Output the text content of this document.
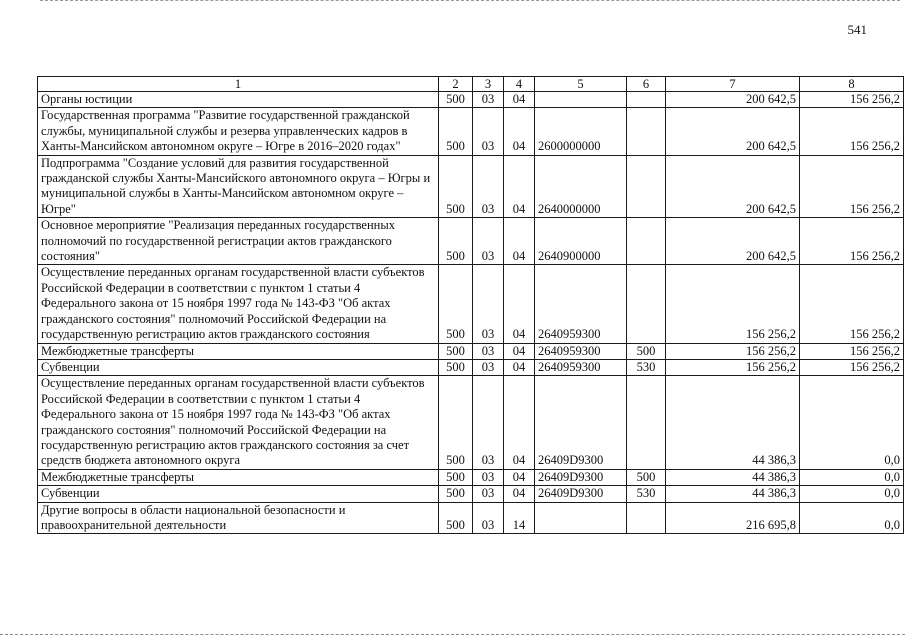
541
1	2	3	4	5	6	7	8
Органы юстиции	500	03	04			200 642,5	156 256,2
Государственная программа "Развитие государственной гражданской службы, муниципальной службы и резерва управленческих кадров в Ханты-Мансийском автономном округе – Югре в 2016–2020 годах"	500	03	04	2600000000		200 642,5	156 256,2
Подпрограмма "Создание условий для развития государственной гражданской службы Ханты-Мансийского автономного округа – Югры и муниципальной службы в Ханты-Мансийском автономном округе – Югре"	500	03	04	2640000000		200 642,5	156 256,2
Основное мероприятие "Реализация переданных государственных полномочий по государственной регистрации актов гражданского состояния"	500	03	04	2640900000		200 642,5	156 256,2
Осуществление переданных органам государственной власти субъектов Российской Федерации в соответствии с пунктом 1 статьи 4 Федерального закона от 15 ноября 1997 года № 143-ФЗ "Об актах гражданского состояния" полномочий Российской Федерации на государственную регистрацию актов гражданского состояния	500	03	04	2640959300		156 256,2	156 256,2
Межбюджетные трансферты	500	03	04	2640959300	500	156 256,2	156 256,2
Субвенции	500	03	04	2640959300	530	156 256,2	156 256,2
Осуществление переданных органам государственной власти субъектов Российской Федерации в соответствии с пунктом 1 статьи 4 Федерального закона от 15 ноября 1997 года № 143-ФЗ "Об актах гражданского состояния" полномочий Российской Федерации на государственную регистрацию актов гражданского состояния за счет средств бюджета автономного округа	500	03	04	26409D9300		44 386,3	0,0
Межбюджетные трансферты	500	03	04	26409D9300	500	44 386,3	0,0
Субвенции	500	03	04	26409D9300	530	44 386,3	0,0
Другие вопросы в области национальной безопасности и правоохранительной деятельности	500	03	14			216 695,8	0,0
